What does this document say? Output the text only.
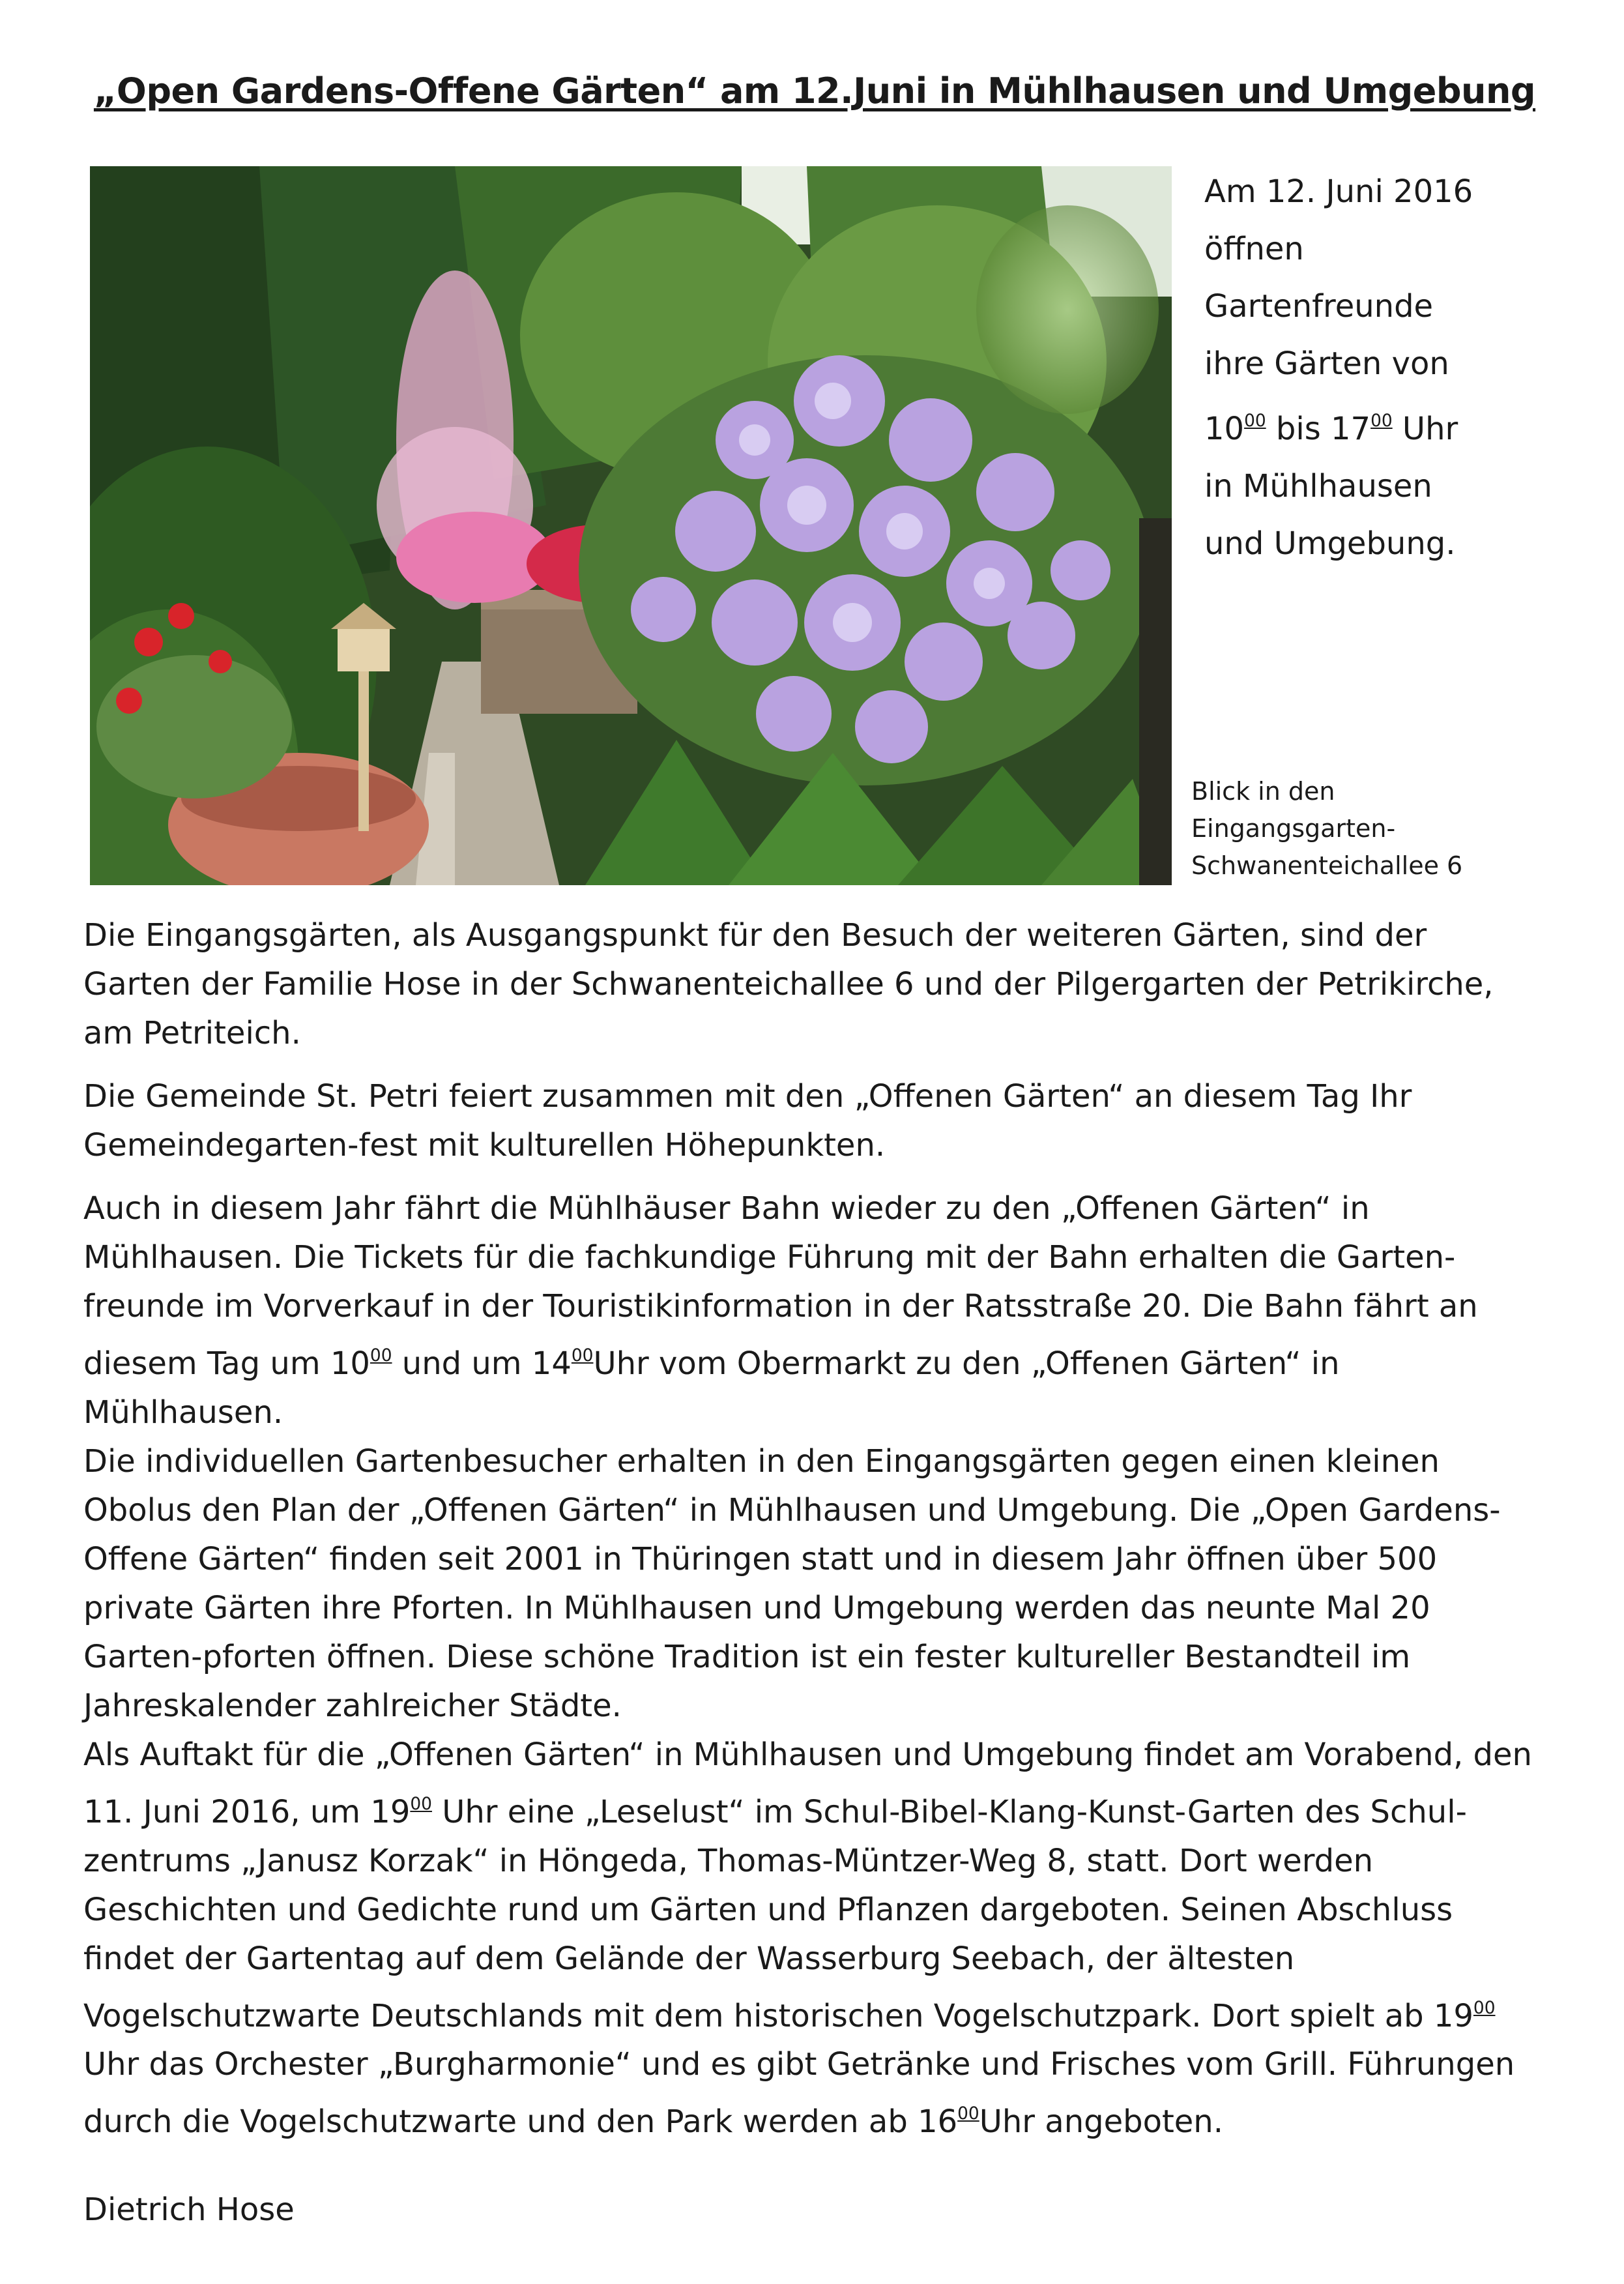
„Open Gardens-Offene Gärten“ am 12.Juni in Mühlhausen und Umgebung

Am 12. Juni 2016

öffnen

Gartenfreunde

ihre Gärten von

$10^{00}$ bis $17^{00}$ Uhr

in Mühlhausen

und Umgebung.

Blick in den

Eingangsgarten-

Schwanenteichallee 6

Die Eingangsgärten, als Ausgangspunkt für den Besuch der weiteren Gärten, sind der Garten der Familie Hose in der Schwanenteichallee 6 und der Pilgergarten der Petrikirche, am Petriteich.

Die Gemeinde St. Petri feiert zusammen mit den „Offenen Gärten“ an diesem Tag Ihr Gemeindegarten-fest mit kulturellen Höhepunkten.

Auch in diesem Jahr fährt die Mühlhäuser Bahn wieder zu den „Offenen Gärten“ in Mühlhausen. Die Tickets für die fachkundige Führung mit der Bahn erhalten die Garten-freunde im Vorverkauf in der Touristikinformation in der Ratsstraße 20. Die Bahn fährt an diesem Tag um $10^{00}$ und um $14^{00}Uhr$ vom Obermarkt zu den „Offenen Gärten“ in Mühlhausen.

Die individuellen Gartenbesucher erhalten in den Eingangsgärten gegen einen kleinen Obolus den Plan der „Offenen Gärten“ in Mühlhausen und Umgebung. Die „Open Gardens-Offene Gärten“ finden seit 2001 in Thüringen statt und in diesem Jahr öffnen über 500 private Gärten ihre Pforten. In Mühlhausen und Umgebung werden das neunte Mal 20 Garten-pforten öffnen. Diese schöne Tradition ist ein fester kultureller Bestandteil im Jahreskalender zahlreicher Städte.

Als Auftakt für die „Offenen Gärten“ in Mühlhausen und Umgebung findet am Vorabend, den 11. Juni 2016, um $19^{00}$ Uhr eine „Leselust“ im Schul-Bibel-Klang-Kunst-Garten des Schul-zentrums „Janusz Korzak“ in Höngeda, Thomas-Müntzer-Weg 8, statt. Dort werden Geschichten und Gedichte rund um Gärten und Pflanzen dargeboten. Seinen Abschluss findet der Gartentag auf dem Gelände der Wasserburg Seebach, der ältesten Vogelschutzwarte Deutschlands mit dem historischen Vogelschutzpark. Dort spielt ab $19^{00}$ Uhr das Orchester „Burgharmonie“ und es gibt Getränke und Frisches vom Grill. Führungen durch die Vogelschutzwarte und den Park werden ab $16^{00}Uhr$ angeboten.

Dietrich Hose
